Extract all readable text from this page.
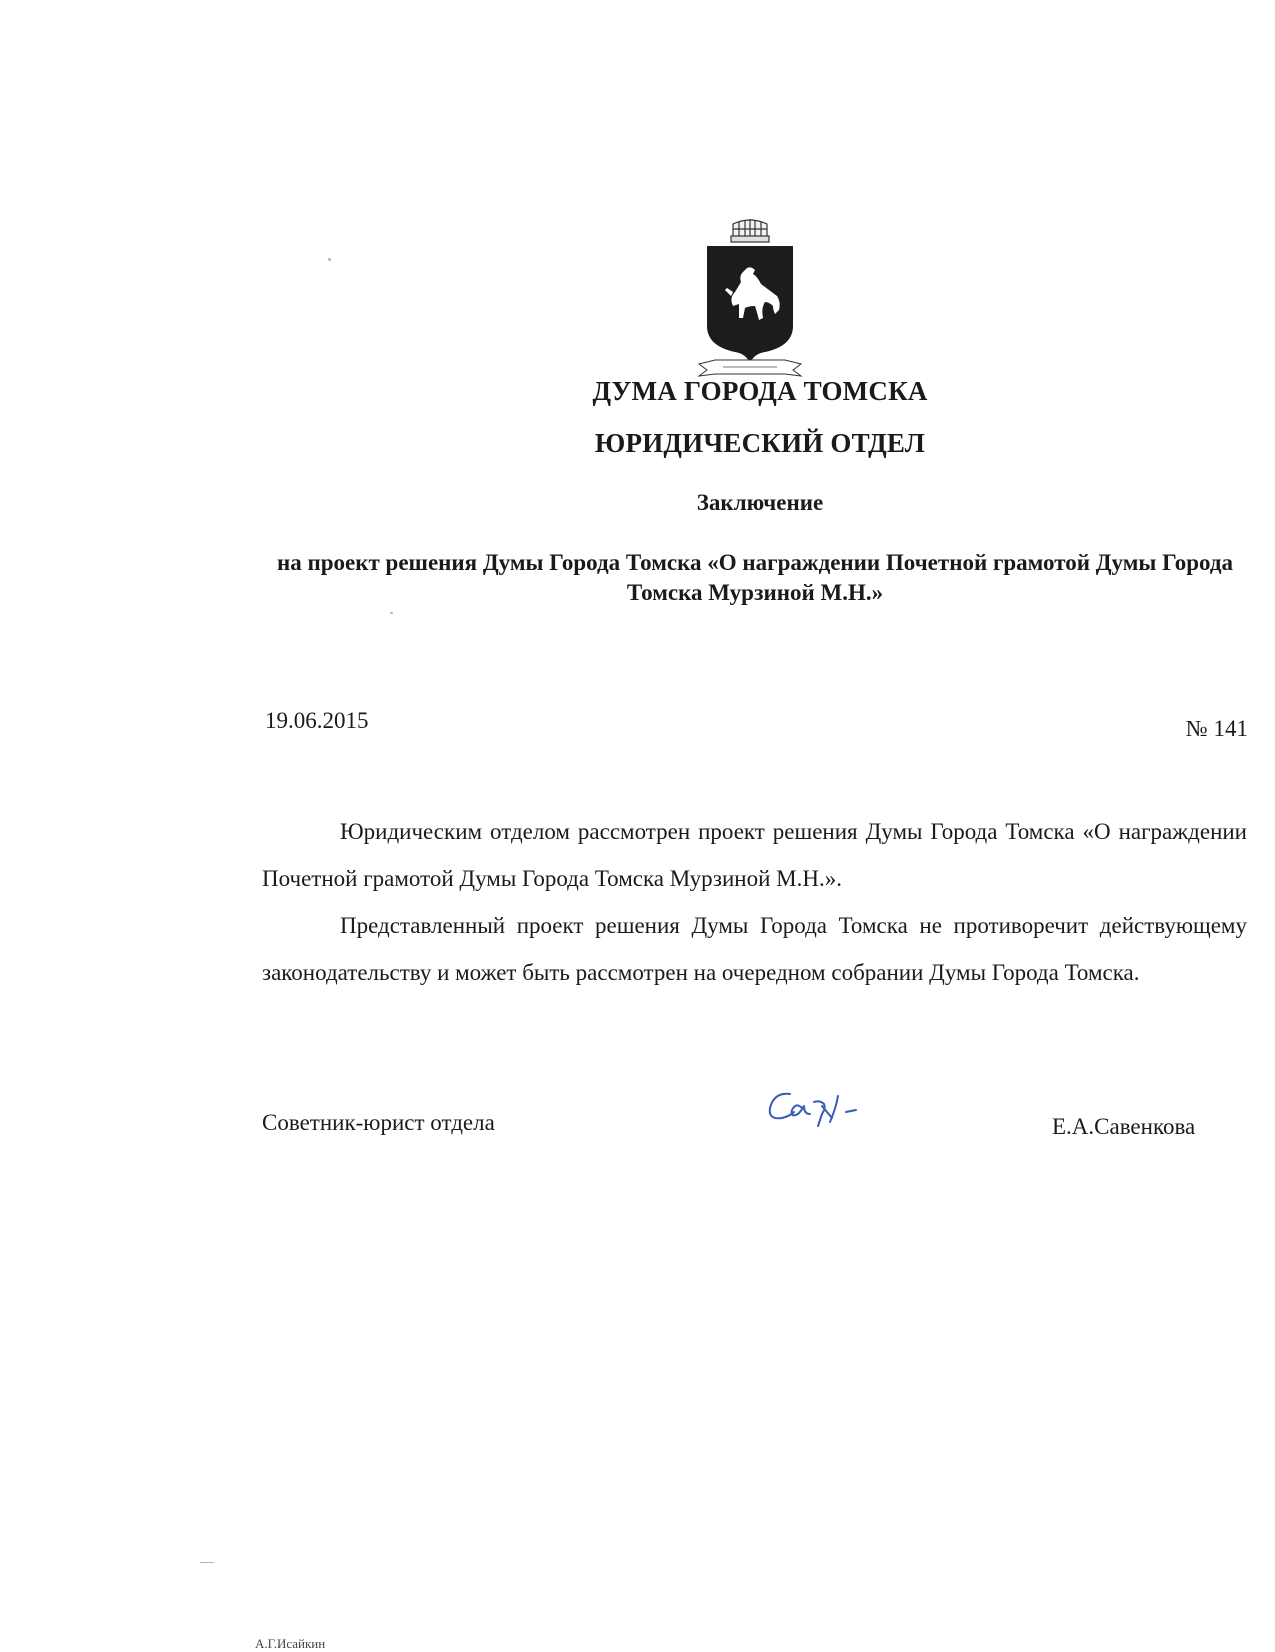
ДУМА ГОРОДА ТОМСКА
ЮРИДИЧЕСКИЙ ОТДЕЛ
Заключение
на проект решения Думы Города Томска «О награждении Почетной грамотой Думы Города Томска Мурзиной М.Н.»
19.06.2015	№ 141

Юридическим отделом рассмотрен проект решения Думы Города Томска «О награждении Почетной грамотой Думы Города Томска Мурзиной М.Н.».

Представленный проект решения Думы Города Томска не противоречит действующему законодательству и может быть рассмотрен на очередном собрании Думы Города Томска.

Советник-юрист отдела	Е.А.Савенкова
А.Г.Исайкин
